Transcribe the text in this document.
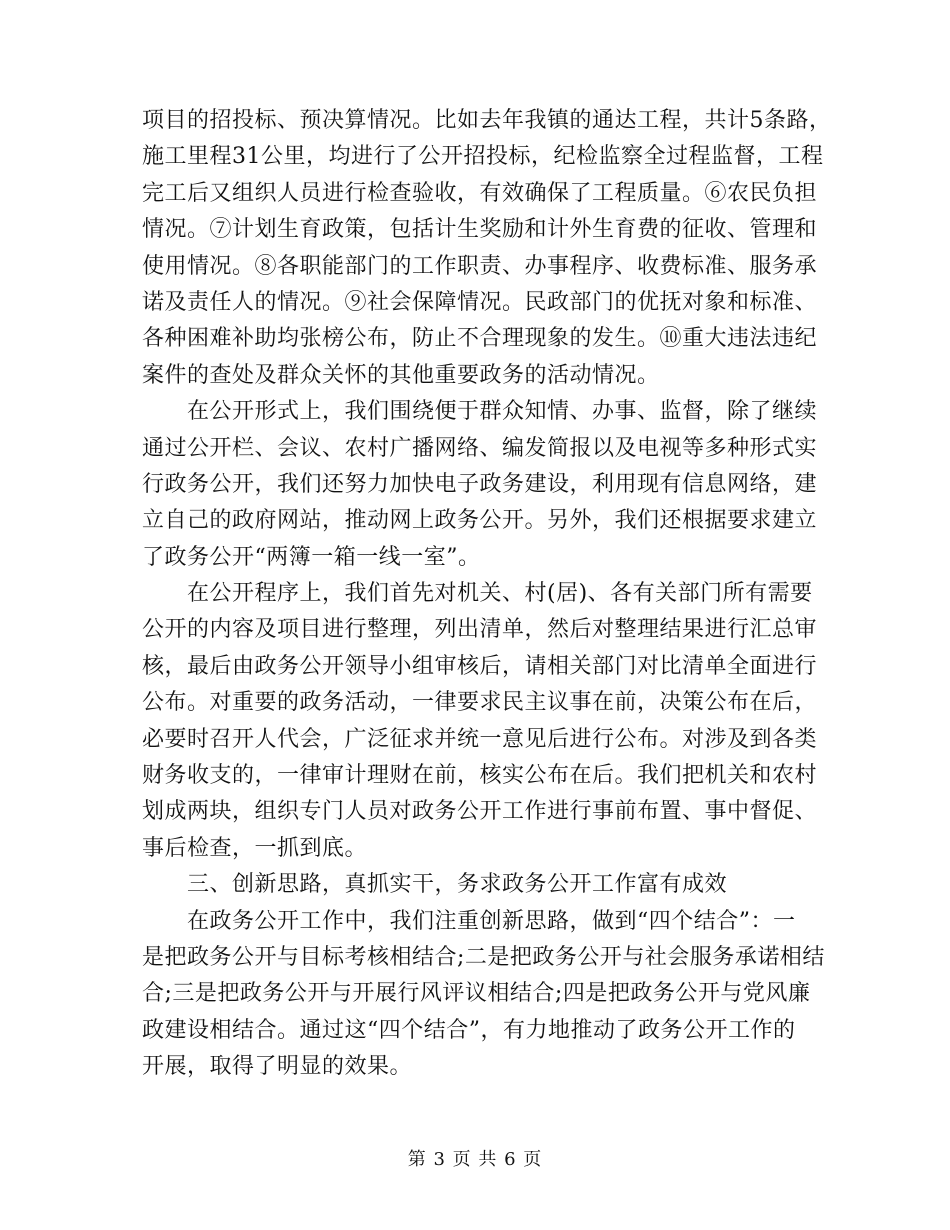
项目的招投标、预决算情况。比如去年我镇的通达工程，共计5条路，
施工里程31公里，均进行了公开招投标，纪检监察全过程监督，工程
完工后又组织人员进行检查验收，有效确保了工程质量。⑥农民负担
情况。⑦计划生育政策，包括计生奖励和计外生育费的征收、管理和
使用情况。⑧各职能部门的工作职责、办事程序、收费标准、服务承
诺及责任人的情况。⑨社会保障情况。民政部门的优抚对象和标准、
各种困难补助均张榜公布，防止不合理现象的发生。⑩重大违法违纪
案件的查处及群众关怀的其他重要政务的活动情况。
在公开形式上，我们围绕便于群众知情、办事、监督，除了继续
通过公开栏、会议、农村广播网络、编发简报以及电视等多种形式实
行政务公开，我们还努力加快电子政务建设，利用现有信息网络，建
立自己的政府网站，推动网上政务公开。另外，我们还根据要求建立
了政务公开“两簿一箱一线一室”。
在公开程序上，我们首先对机关、村(居)、各有关部门所有需要
公开的内容及项目进行整理，列出清单，然后对整理结果进行汇总审
核，最后由政务公开领导小组审核后，请相关部门对比清单全面进行
公布。对重要的政务活动，一律要求民主议事在前，决策公布在后，
必要时召开人代会，广泛征求并统一意见后进行公布。对涉及到各类
财务收支的，一律审计理财在前，核实公布在后。我们把机关和农村
划成两块，组织专门人员对政务公开工作进行事前布置、事中督促、
事后检查，一抓到底。
三、创新思路，真抓实干，务求政务公开工作富有成效
在政务公开工作中，我们注重创新思路，做到“四个结合”：一
是把政务公开与目标考核相结合;二是把政务公开与社会服务承诺相结
合;三是把政务公开与开展行风评议相结合;四是把政务公开与党风廉
政建设相结合。通过这“四个结合”，有力地推动了政务公开工作的
开展，取得了明显的效果。
第 3 页 共 6 页
